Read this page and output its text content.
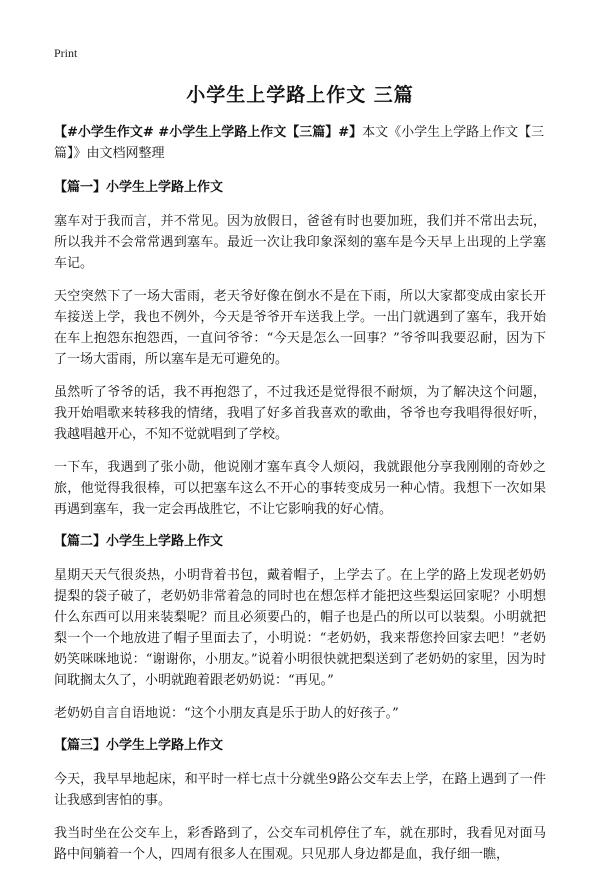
Print
小学生上学路上作文 三篇

【#小学生作文# #小学生上学路上作文【三篇】#】本文《小学生上学路上作文【三篇】》由文档网整理

【篇一】小学生上学路上作文

塞车对于我而言，并不常见。因为放假日，爸爸有时也要加班，我们并不常出去玩，所以我并不会常常遇到塞车。最近一次让我印象深刻的塞车是今天早上出现的上学塞车记。

天空突然下了一场大雷雨，老天爷好像在倒水不是在下雨，所以大家都变成由家长开车接送上学，我也不例外，今天是爷爷开车送我上学。一出门就遇到了塞车，我开始在车上抱怨东抱怨西，一直问爷爷：“今天是怎么一回事？”爷爷叫我要忍耐，因为下了一场大雷雨，所以塞车是无可避免的。

虽然听了爷爷的话，我不再抱怨了，不过我还是觉得很不耐烦，为了解决这个问题，我开始唱歌来转移我的情绪，我唱了好多首我喜欢的歌曲，爷爷也夸我唱得很好听，我越唱越开心，不知不觉就唱到了学校。

一下车，我遇到了张小勋，他说刚才塞车真令人烦闷，我就跟他分享我刚刚的奇妙之旅，他觉得我很棒，可以把塞车这么不开心的事转变成另一种心情。我想下一次如果再遇到塞车，我一定会再战胜它，不让它影响我的好心情。

【篇二】小学生上学路上作文

星期天天气很炎热，小明背着书包，戴着帽子，上学去了。在上学的路上发现老奶奶提梨的袋子破了，老奶奶非常着急的同时也在想怎样才能把这些梨运回家呢？小明想什么东西可以用来装梨呢？而且必须要凸的，帽子也是凸的所以可以装梨。小明就把梨一个一个地放进了帽子里面去了，小明说：“老奶奶，我来帮您拎回家去吧！”老奶奶笑咪咪地说：“谢谢你，小朋友。”说着小明很快就把梨送到了老奶奶的家里，因为时间耽搁太久了，小明就跑着跟老奶奶说：“再见。”

老奶奶自言自语地说：“这个小朋友真是乐于助人的好孩子。”

【篇三】小学生上学路上作文

今天，我早早地起床，和平时一样七点十分就坐9路公交车去上学，在路上遇到了一件让我感到害怕的事。

我当时坐在公交车上，彩香路到了，公交车司机停住了车，就在那时，我看见对面马路中间躺着一个人，四周有很多人在围观。只见那人身边都是血，我仔细一瞧，
